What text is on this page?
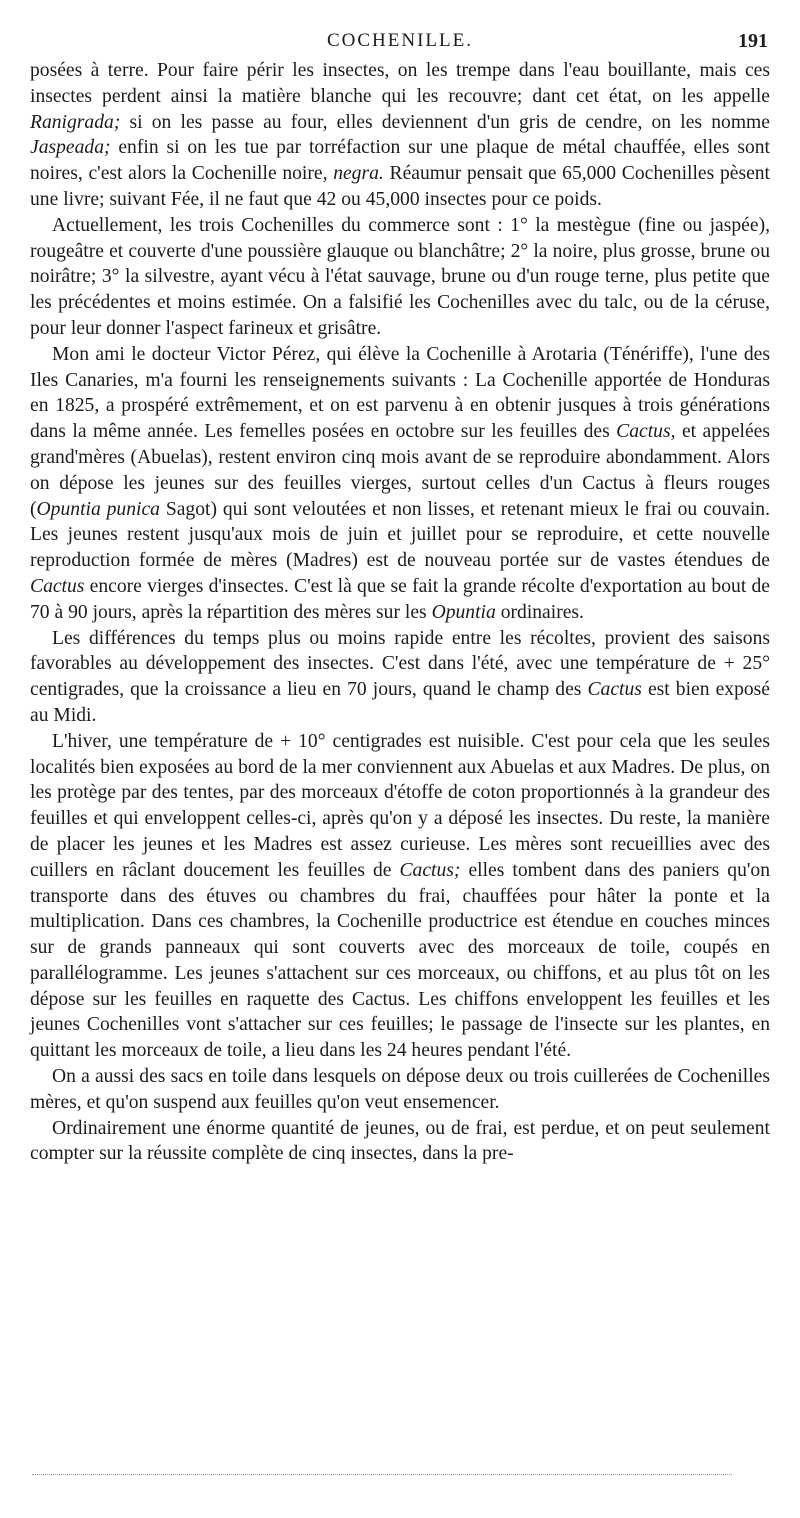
COCHENILLE.	191

posées à terre. Pour faire périr les insectes, on les trempe dans l'eau bouillante, mais ces insectes perdent ainsi la matière blanche qui les recouvre; dant cet état, on les appelle Ranigrada; si on les passe au four, elles deviennent d'un gris de cendre, on les nomme Jaspeada; enfin si on les tue par torréfaction sur une plaque de métal chauffée, elles sont noires, c'est alors la Cochenille noire, negra. Réaumur pensait que 65,000 Cochenilles pèsent une livre; suivant Fée, il ne faut que 42 ou 45,000 insectes pour ce poids.

Actuellement, les trois Cochenilles du commerce sont : 1° la mestègue (fine ou jaspée), rougeâtre et couverte d'une poussière glauque ou blanchâtre; 2° la noire, plus grosse, brune ou noirâtre; 3° la silvestre, ayant vécu à l'état sauvage, brune ou d'un rouge terne, plus petite que les précédentes et moins estimée. On a falsifié les Cochenilles avec du talc, ou de la céruse, pour leur donner l'aspect farineux et grisâtre.

Mon ami le docteur Victor Pérez, qui élève la Cochenille à Arotaria (Ténériffe), l'une des Iles Canaries, m'a fourni les renseignements suivants : La Cochenille apportée de Honduras en 1825, a prospéré extrêmement, et on est parvenu à en obtenir jusques à trois générations dans la même année. Les femelles posées en octobre sur les feuilles des Cactus, et appelées grand'mères (Abuelas), restent environ cinq mois avant de se reproduire abondamment. Alors on dépose les jeunes sur des feuilles vierges, surtout celles d'un Cactus à fleurs rouges (Opuntia punica Sagot) qui sont veloutées et non lisses, et retenant mieux le frai ou couvain. Les jeunes restent jusqu'aux mois de juin et juillet pour se reproduire, et cette nouvelle reproduction formée de mères (Madres) est de nouveau portée sur de vastes étendues de Cactus encore vierges d'insectes. C'est là que se fait la grande récolte d'exportation au bout de 70 à 90 jours, après la répartition des mères sur les Opuntia ordinaires.

Les différences du temps plus ou moins rapide entre les récoltes, provient des saisons favorables au développement des insectes. C'est dans l'été, avec une température de + 25° centigrades, que la croissance a lieu en 70 jours, quand le champ des Cactus est bien exposé au Midi.

L'hiver, une température de + 10° centigrades est nuisible. C'est pour cela que les seules localités bien exposées au bord de la mer conviennent aux Abuelas et aux Madres. De plus, on les protège par des tentes, par des morceaux d'étoffe de coton proportionnés à la grandeur des feuilles et qui enveloppent celles-ci, après qu'on y a déposé les insectes. Du reste, la manière de placer les jeunes et les Madres est assez curieuse. Les mères sont recueillies avec des cuillers en râclant doucement les feuilles de Cactus; elles tombent dans des paniers qu'on transporte dans des étuves ou chambres du frai, chauffées pour hâter la ponte et la multiplication. Dans ces chambres, la Cochenille productrice est étendue en couches minces sur de grands panneaux qui sont couverts avec des morceaux de toile, coupés en parallélogramme. Les jeunes s'attachent sur ces morceaux, ou chiffons, et au plus tôt on les dépose sur les feuilles en raquette des Cactus. Les chiffons enveloppent les feuilles et les jeunes Cochenilles vont s'attacher sur ces feuilles; le passage de l'insecte sur les plantes, en quittant les morceaux de toile, a lieu dans les 24 heures pendant l'été.

On a aussi des sacs en toile dans lesquels on dépose deux ou trois cuillerées de Cochenilles mères, et qu'on suspend aux feuilles qu'on veut ensemencer.

Ordinairement une énorme quantité de jeunes, ou de frai, est perdue, et on peut seulement compter sur la réussite complète de cinq insectes, dans la pre-
